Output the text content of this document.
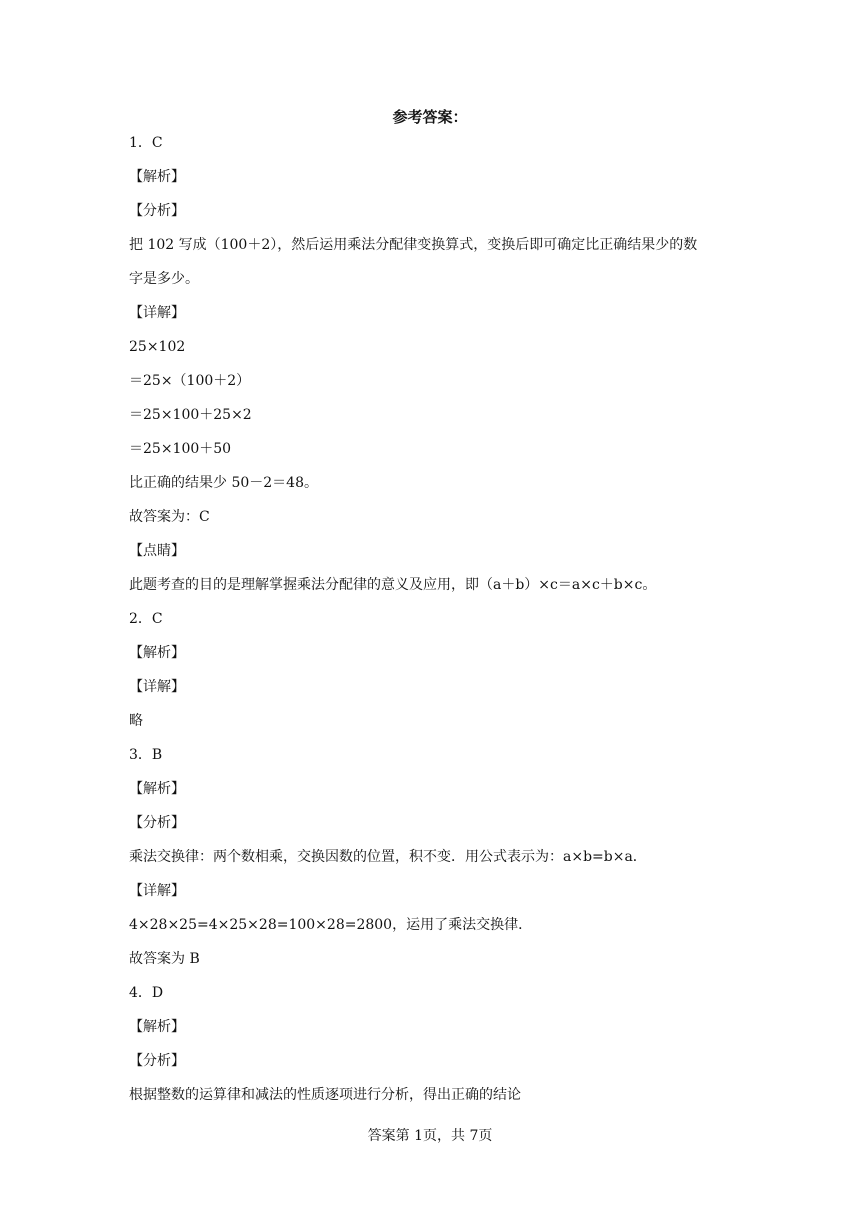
参考答案：
1．C
【解析】
【分析】
把 102 写成（100＋2），然后运用乘法分配律变换算式，变换后即可确定比正确结果少的数
字是多少。
【详解】
25×102
＝25×（100＋2）
＝25×100＋25×2
＝25×100＋50
比正确的结果少 50－2＝48。
故答案为：C
【点睛】
此题考查的目的是理解掌握乘法分配律的意义及应用，即（a＋b）×c＝a×c＋b×c。
2．C
【解析】
【详解】
略
3．B
【解析】
【分析】
乘法交换律：两个数相乘，交换因数的位置，积不变．用公式表示为：a×b=b×a．
【详解】
4×28×25=4×25×28=100×28=2800，运用了乘法交换律．
故答案为 B
4．D
【解析】
【分析】
根据整数的运算律和减法的性质逐项进行分析，得出正确的结论
答案第 1页，共 7页
